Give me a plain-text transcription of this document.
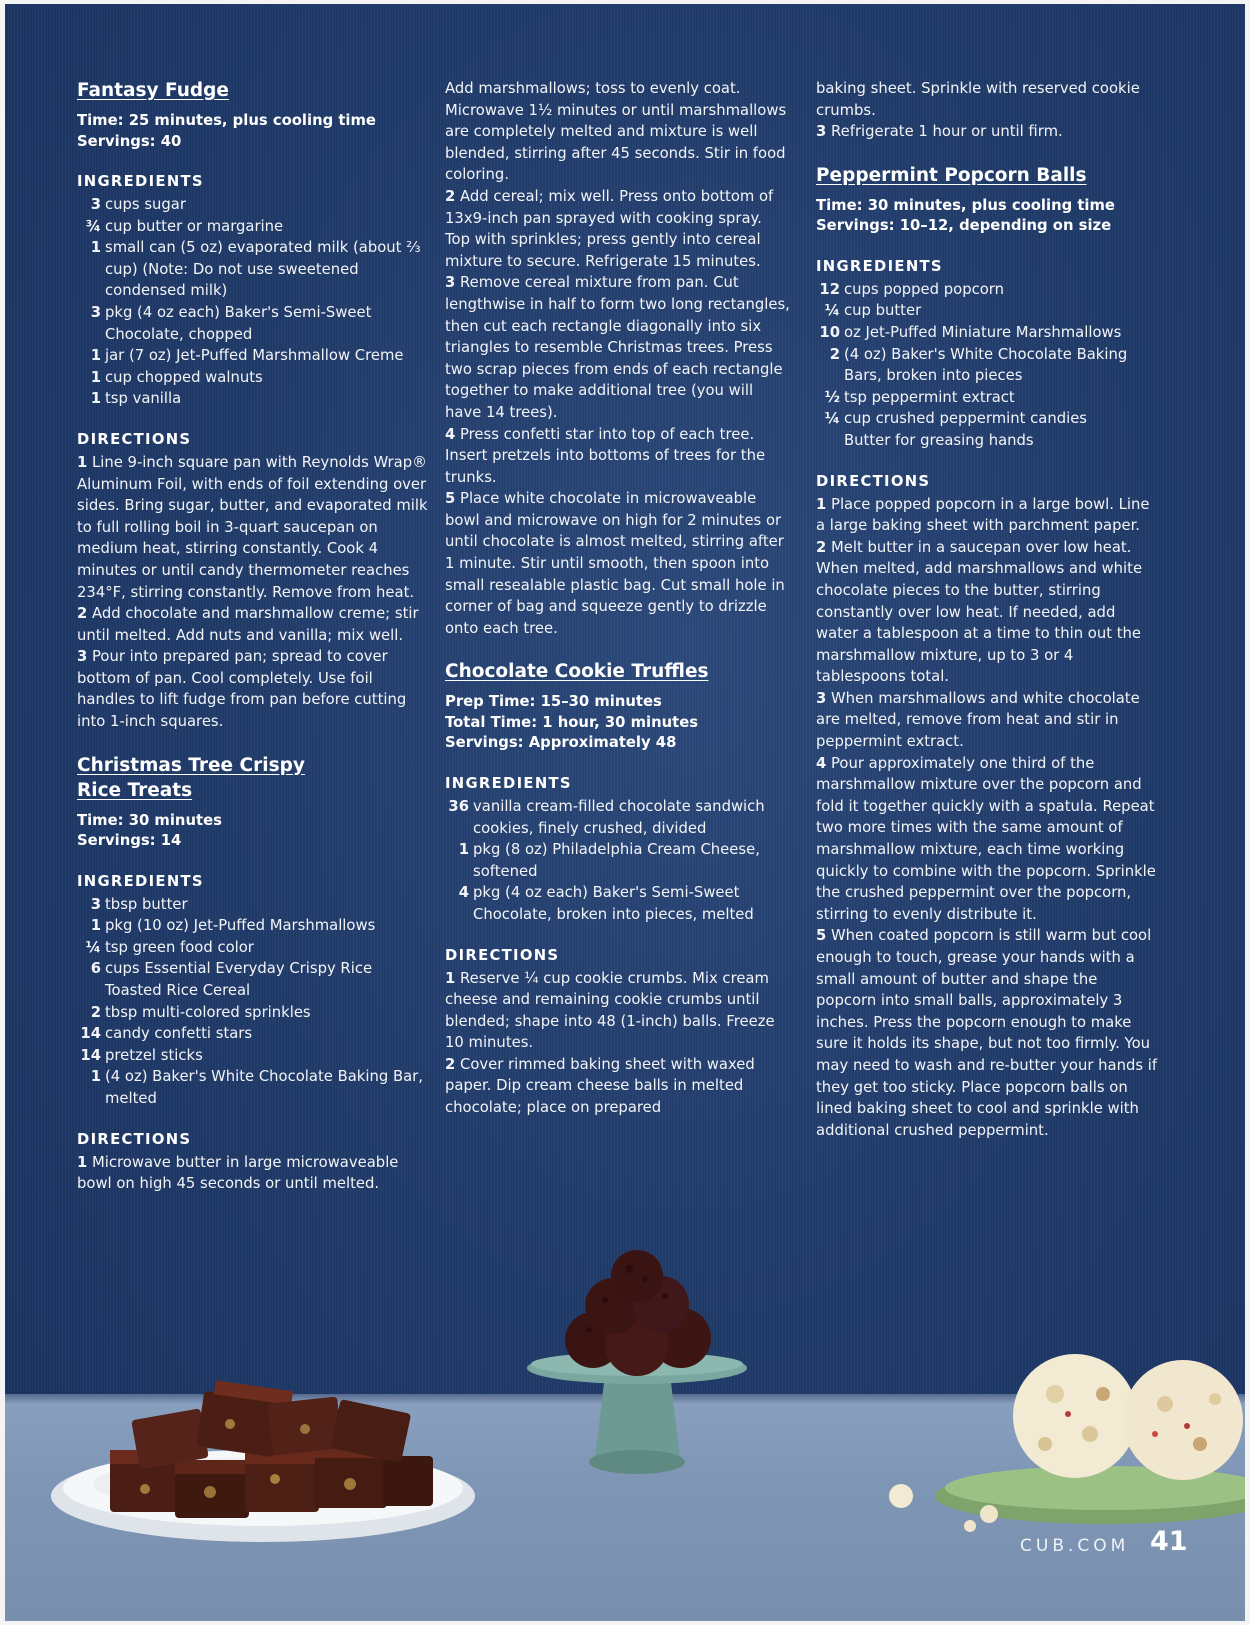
Fantasy Fudge
Time: 25 minutes, plus cooling time
Servings: 40
INGREDIENTS
3 cups sugar
¾ cup butter or margarine
1 small can (5 oz) evaporated milk (about ⅔ cup) (Note: Do not use sweetened condensed milk)
3 pkg (4 oz each) Baker's Semi-Sweet Chocolate, chopped
1 jar (7 oz) Jet-Puffed Marshmallow Creme
1 cup chopped walnuts
1 tsp vanilla
DIRECTIONS
1 Line 9-inch square pan with Reynolds Wrap® Aluminum Foil, with ends of foil extending over sides. Bring sugar, butter, and evaporated milk to full rolling boil in 3-quart saucepan on medium heat, stirring constantly. Cook 4 minutes or until candy thermometer reaches 234°F, stirring constantly. Remove from heat.
2 Add chocolate and marshmallow creme; stir until melted. Add nuts and vanilla; mix well.
3 Pour into prepared pan; spread to cover bottom of pan. Cool completely. Use foil handles to lift fudge from pan before cutting into 1-inch squares.
Christmas Tree Crispy
Rice Treats
Time: 30 minutes
Servings: 14
INGREDIENTS
3 tbsp butter
1 pkg (10 oz) Jet-Puffed Marshmallows
¼ tsp green food color
6 cups Essential Everyday Crispy Rice Toasted Rice Cereal
2 tbsp multi-colored sprinkles
14 candy confetti stars
14 pretzel sticks
1 (4 oz) Baker's White Chocolate Baking Bar, melted
DIRECTIONS
1 Microwave butter in large microwaveable bowl on high 45 seconds or until melted.
Add marshmallows; toss to evenly coat. Microwave 1½ minutes or until marshmallows are completely melted and mixture is well blended, stirring after 45 seconds. Stir in food coloring.
2 Add cereal; mix well. Press onto bottom of 13x9-inch pan sprayed with cooking spray. Top with sprinkles; press gently into cereal mixture to secure. Refrigerate 15 minutes.
3 Remove cereal mixture from pan. Cut lengthwise in half to form two long rectangles, then cut each rectangle diagonally into six triangles to resemble Christmas trees. Press two scrap pieces from ends of each rectangle together to make additional tree (you will have 14 trees).
4 Press confetti star into top of each tree. Insert pretzels into bottoms of trees for the trunks.
5 Place white chocolate in microwaveable bowl and microwave on high for 2 minutes or until chocolate is almost melted, stirring after 1 minute. Stir until smooth, then spoon into small resealable plastic bag. Cut small hole in corner of bag and squeeze gently to drizzle onto each tree.
Chocolate Cookie Truffles
Prep Time: 15–30 minutes
Total Time: 1 hour, 30 minutes
Servings: Approximately 48
INGREDIENTS
36 vanilla cream-filled chocolate sandwich cookies, finely crushed, divided
1 pkg (8 oz) Philadelphia Cream Cheese, softened
4 pkg (4 oz each) Baker's Semi-Sweet Chocolate, broken into pieces, melted
DIRECTIONS
1 Reserve ¼ cup cookie crumbs. Mix cream cheese and remaining cookie crumbs until blended; shape into 48 (1-inch) balls. Freeze 10 minutes.
2 Cover rimmed baking sheet with waxed paper. Dip cream cheese balls in melted chocolate; place on prepared
baking sheet. Sprinkle with reserved cookie crumbs.
3 Refrigerate 1 hour or until firm.
Peppermint Popcorn Balls
Time: 30 minutes, plus cooling time
Servings: 10–12, depending on size
INGREDIENTS
12 cups popped popcorn
¼ cup butter
10 oz Jet-Puffed Miniature Marshmallows
2 (4 oz) Baker's White Chocolate Baking Bars, broken into pieces
½ tsp peppermint extract
¼ cup crushed peppermint candies
Butter for greasing hands
DIRECTIONS
1 Place popped popcorn in a large bowl. Line a large baking sheet with parchment paper.
2 Melt butter in a saucepan over low heat. When melted, add marshmallows and white chocolate pieces to the butter, stirring constantly over low heat. If needed, add water a tablespoon at a time to thin out the marshmallow mixture, up to 3 or 4 tablespoons total.
3 When marshmallows and white chocolate are melted, remove from heat and stir in peppermint extract.
4 Pour approximately one third of the marshmallow mixture over the popcorn and fold it together quickly with a spatula. Repeat two more times with the same amount of marshmallow mixture, each time working quickly to combine with the popcorn. Sprinkle the crushed peppermint over the popcorn, stirring to evenly distribute it.
5 When coated popcorn is still warm but cool enough to touch, grease your hands with a small amount of butter and shape the popcorn into small balls, approximately 3 inches. Press the popcorn enough to make sure it holds its shape, but not too firmly. You may need to wash and re-butter your hands if they get too sticky. Place popcorn balls on lined baking sheet to cool and sprinkle with additional crushed peppermint.
CUB.COM 41
